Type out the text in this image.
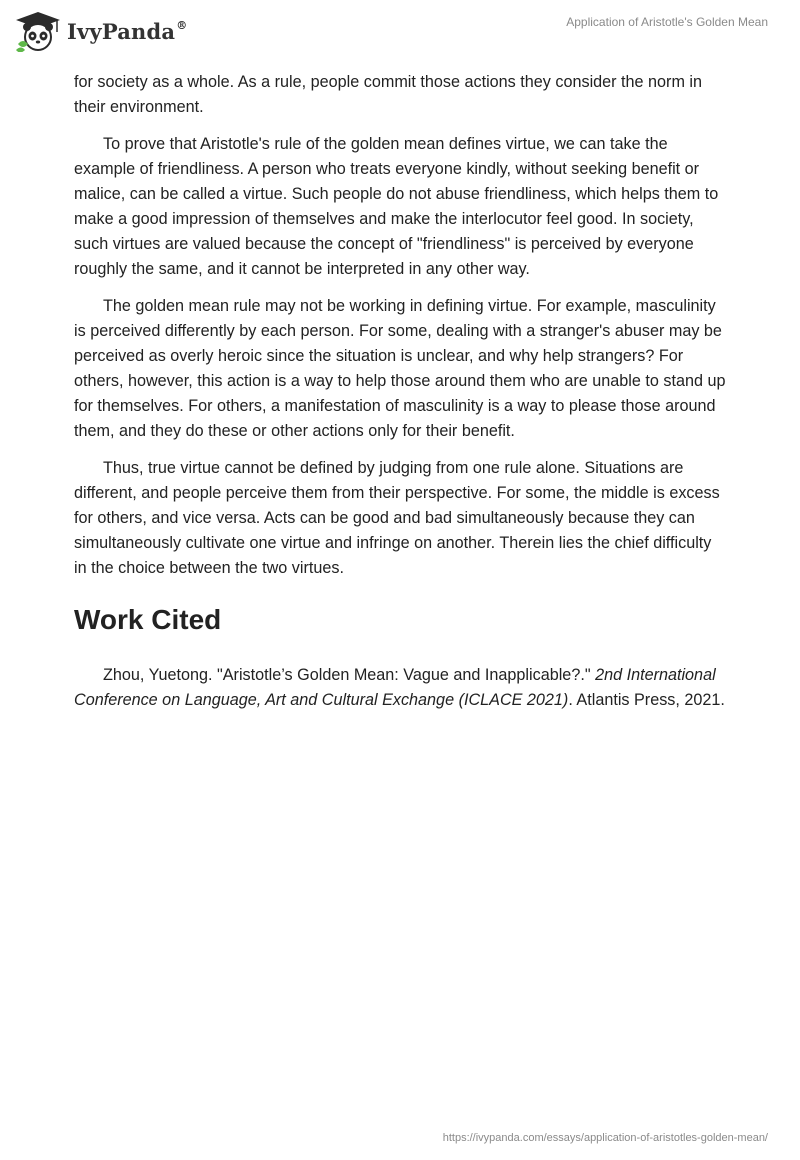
IvyPanda®	Application of Aristotle's Golden Mean

for society as a whole. As a rule, people commit those actions they consider the norm in their environment.

To prove that Aristotle's rule of the golden mean defines virtue, we can take the example of friendliness. A person who treats everyone kindly, without seeking benefit or malice, can be called a virtue. Such people do not abuse friendliness, which helps them to make a good impression of themselves and make the interlocutor feel good. In society, such virtues are valued because the concept of "friendliness" is perceived by everyone roughly the same, and it cannot be interpreted in any other way.

The golden mean rule may not be working in defining virtue. For example, masculinity is perceived differently by each person. For some, dealing with a stranger's abuser may be perceived as overly heroic since the situation is unclear, and why help strangers? For others, however, this action is a way to help those around them who are unable to stand up for themselves. For others, a manifestation of masculinity is a way to please those around them, and they do these or other actions only for their benefit.

Thus, true virtue cannot be defined by judging from one rule alone. Situations are different, and people perceive them from their perspective. For some, the middle is excess for others, and vice versa. Acts can be good and bad simultaneously because they can simultaneously cultivate one virtue and infringe on another. Therein lies the chief difficulty in the choice between the two virtues.

Work Cited

Zhou, Yuetong. "Aristotle’s Golden Mean: Vague and Inapplicable?." 2nd International Conference on Language, Art and Cultural Exchange (ICLACE 2021). Atlantis Press, 2021.

https://ivypanda.com/essays/application-of-aristotles-golden-mean/
